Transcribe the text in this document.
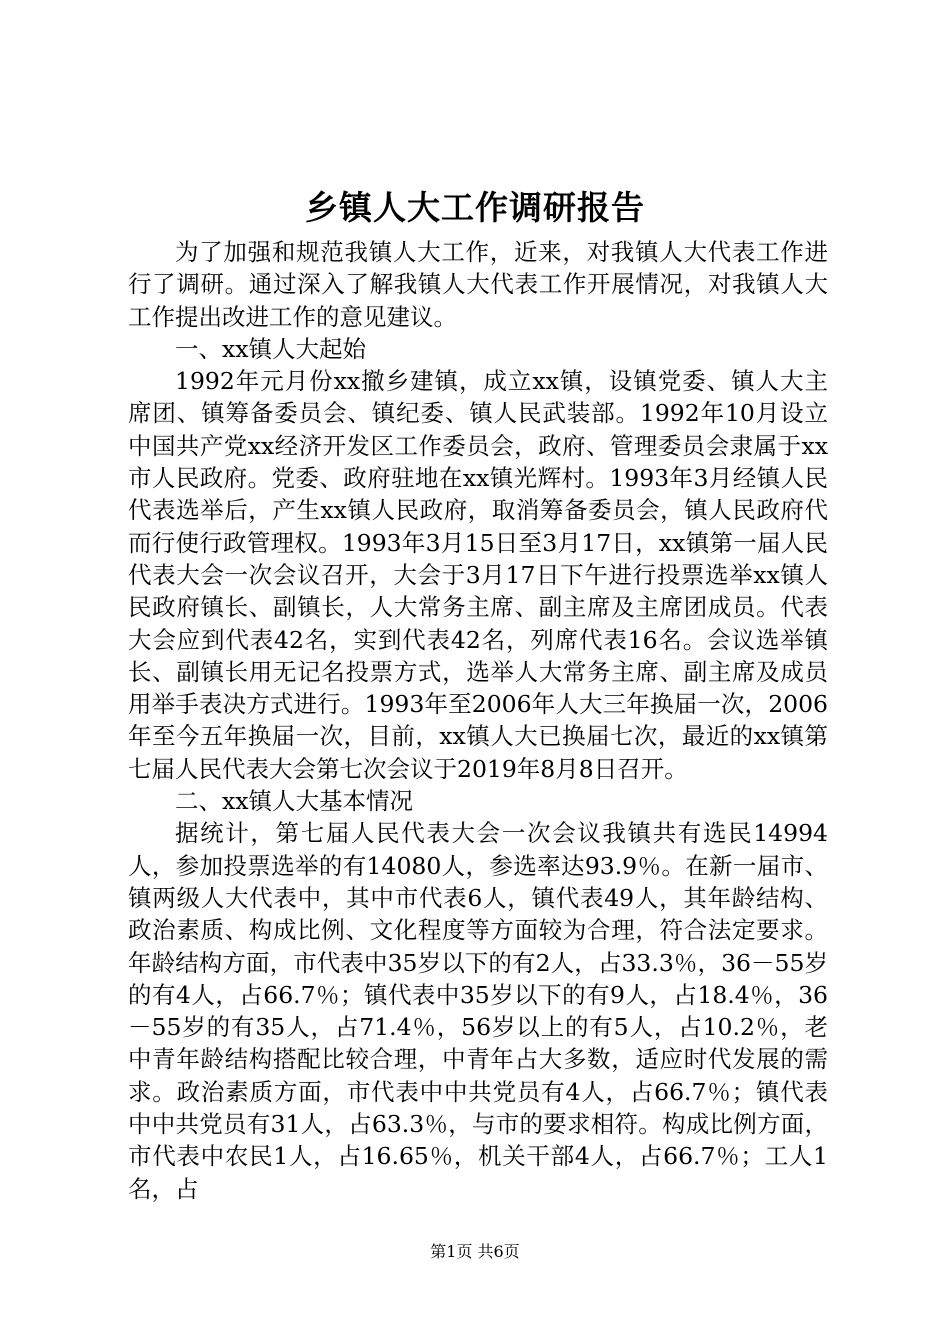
乡镇人大工作调研报告

为了加强和规范我镇人大工作，近来，对我镇人大代表工作进行了调研。通过深入了解我镇人大代表工作开展情况，对我镇人大工作提出改进工作的意见建议。

一、xx镇人大起始

1992年元月份xx撤乡建镇，成立xx镇，设镇党委、镇人大主席团、镇筹备委员会、镇纪委、镇人民武装部。1992年10月设立中国共产党xx经济开发区工作委员会，政府、管理委员会隶属于xx市人民政府。党委、政府驻地在xx镇光辉村。1993年3月经镇人民代表选举后，产生xx镇人民政府，取消筹备委员会，镇人民政府代而行使行政管理权。1993年3月15日至3月17日，xx镇第一届人民代表大会一次会议召开，大会于3月17日下午进行投票选举xx镇人民政府镇长、副镇长，人大常务主席、副主席及主席团成员。代表大会应到代表42名，实到代表42名，列席代表16名。会议选举镇长、副镇长用无记名投票方式，选举人大常务主席、副主席及成员用举手表决方式进行。1993年至2006年人大三年换届一次，2006年至今五年换届一次，目前，xx镇人大已换届七次，最近的xx镇第七届人民代表大会第七次会议于2019年8月8日召开。

二、xx镇人大基本情况

据统计，第七届人民代表大会一次会议我镇共有选民14994人，参加投票选举的有14080人，参选率达93.9％。在新一届市、镇两级人大代表中，其中市代表6人，镇代表49人，其年龄结构、政治素质、构成比例、文化程度等方面较为合理，符合法定要求。年龄结构方面，市代表中35岁以下的有2人，占33.3％，36－55岁的有4人，占66.7％；镇代表中35岁以下的有9人，占18.4％，36－55岁的有35人，占71.4％，56岁以上的有5人，占10.2％，老中青年龄结构搭配比较合理，中青年占大多数，适应时代发展的需求。政治素质方面，市代表中中共党员有4人，占66.7％；镇代表中中共党员有31人，占63.3％，与市的要求相符。构成比例方面，市代表中农民1人，占16.65％，机关干部4人，占66.7％；工人1名，占

第1页 共6页
